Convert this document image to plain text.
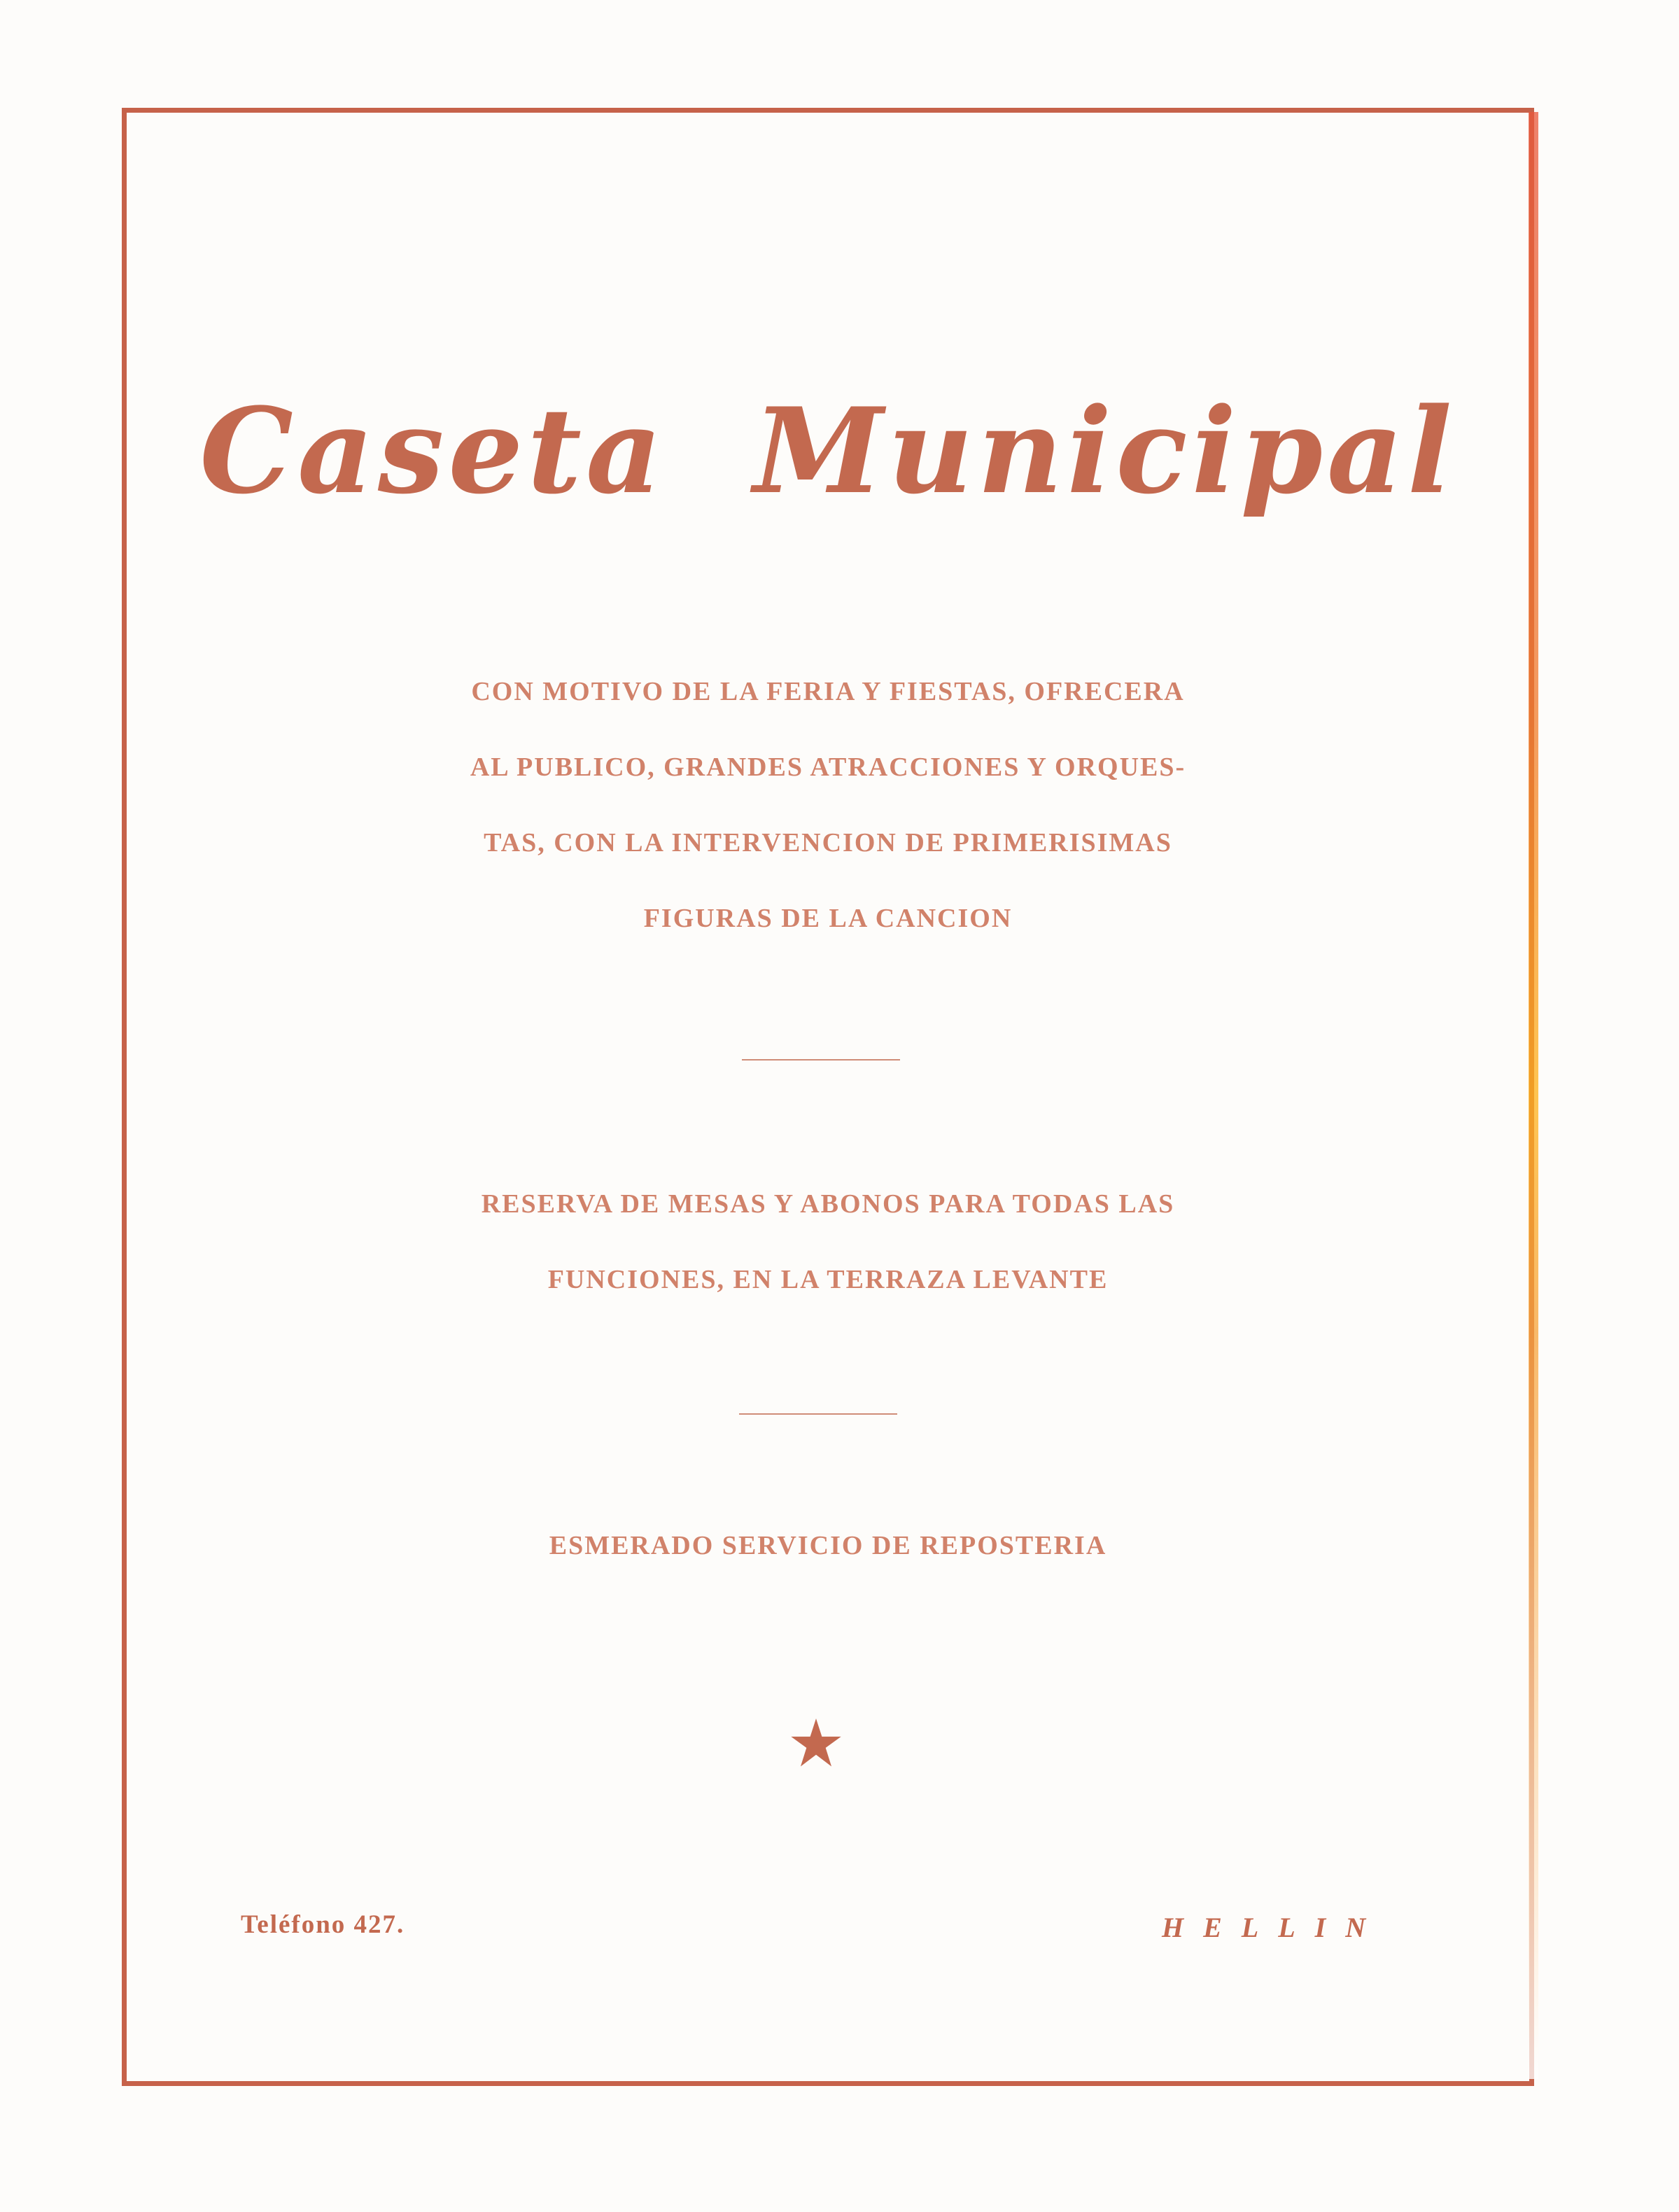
Caseta Municipal
CON MOTIVO DE LA FERIA Y FIESTAS, OFRECERA
AL PUBLICO, GRANDES ATRACCIONES Y ORQUES-
TAS, CON LA INTERVENCION DE PRIMERISIMAS
FIGURAS DE LA CANCION
RESERVA DE MESAS Y ABONOS PARA TODAS LAS
FUNCIONES, EN LA TERRAZA LEVANTE
ESMERADO SERVICIO DE REPOSTERIA
Teléfono 427.	HELLIN
